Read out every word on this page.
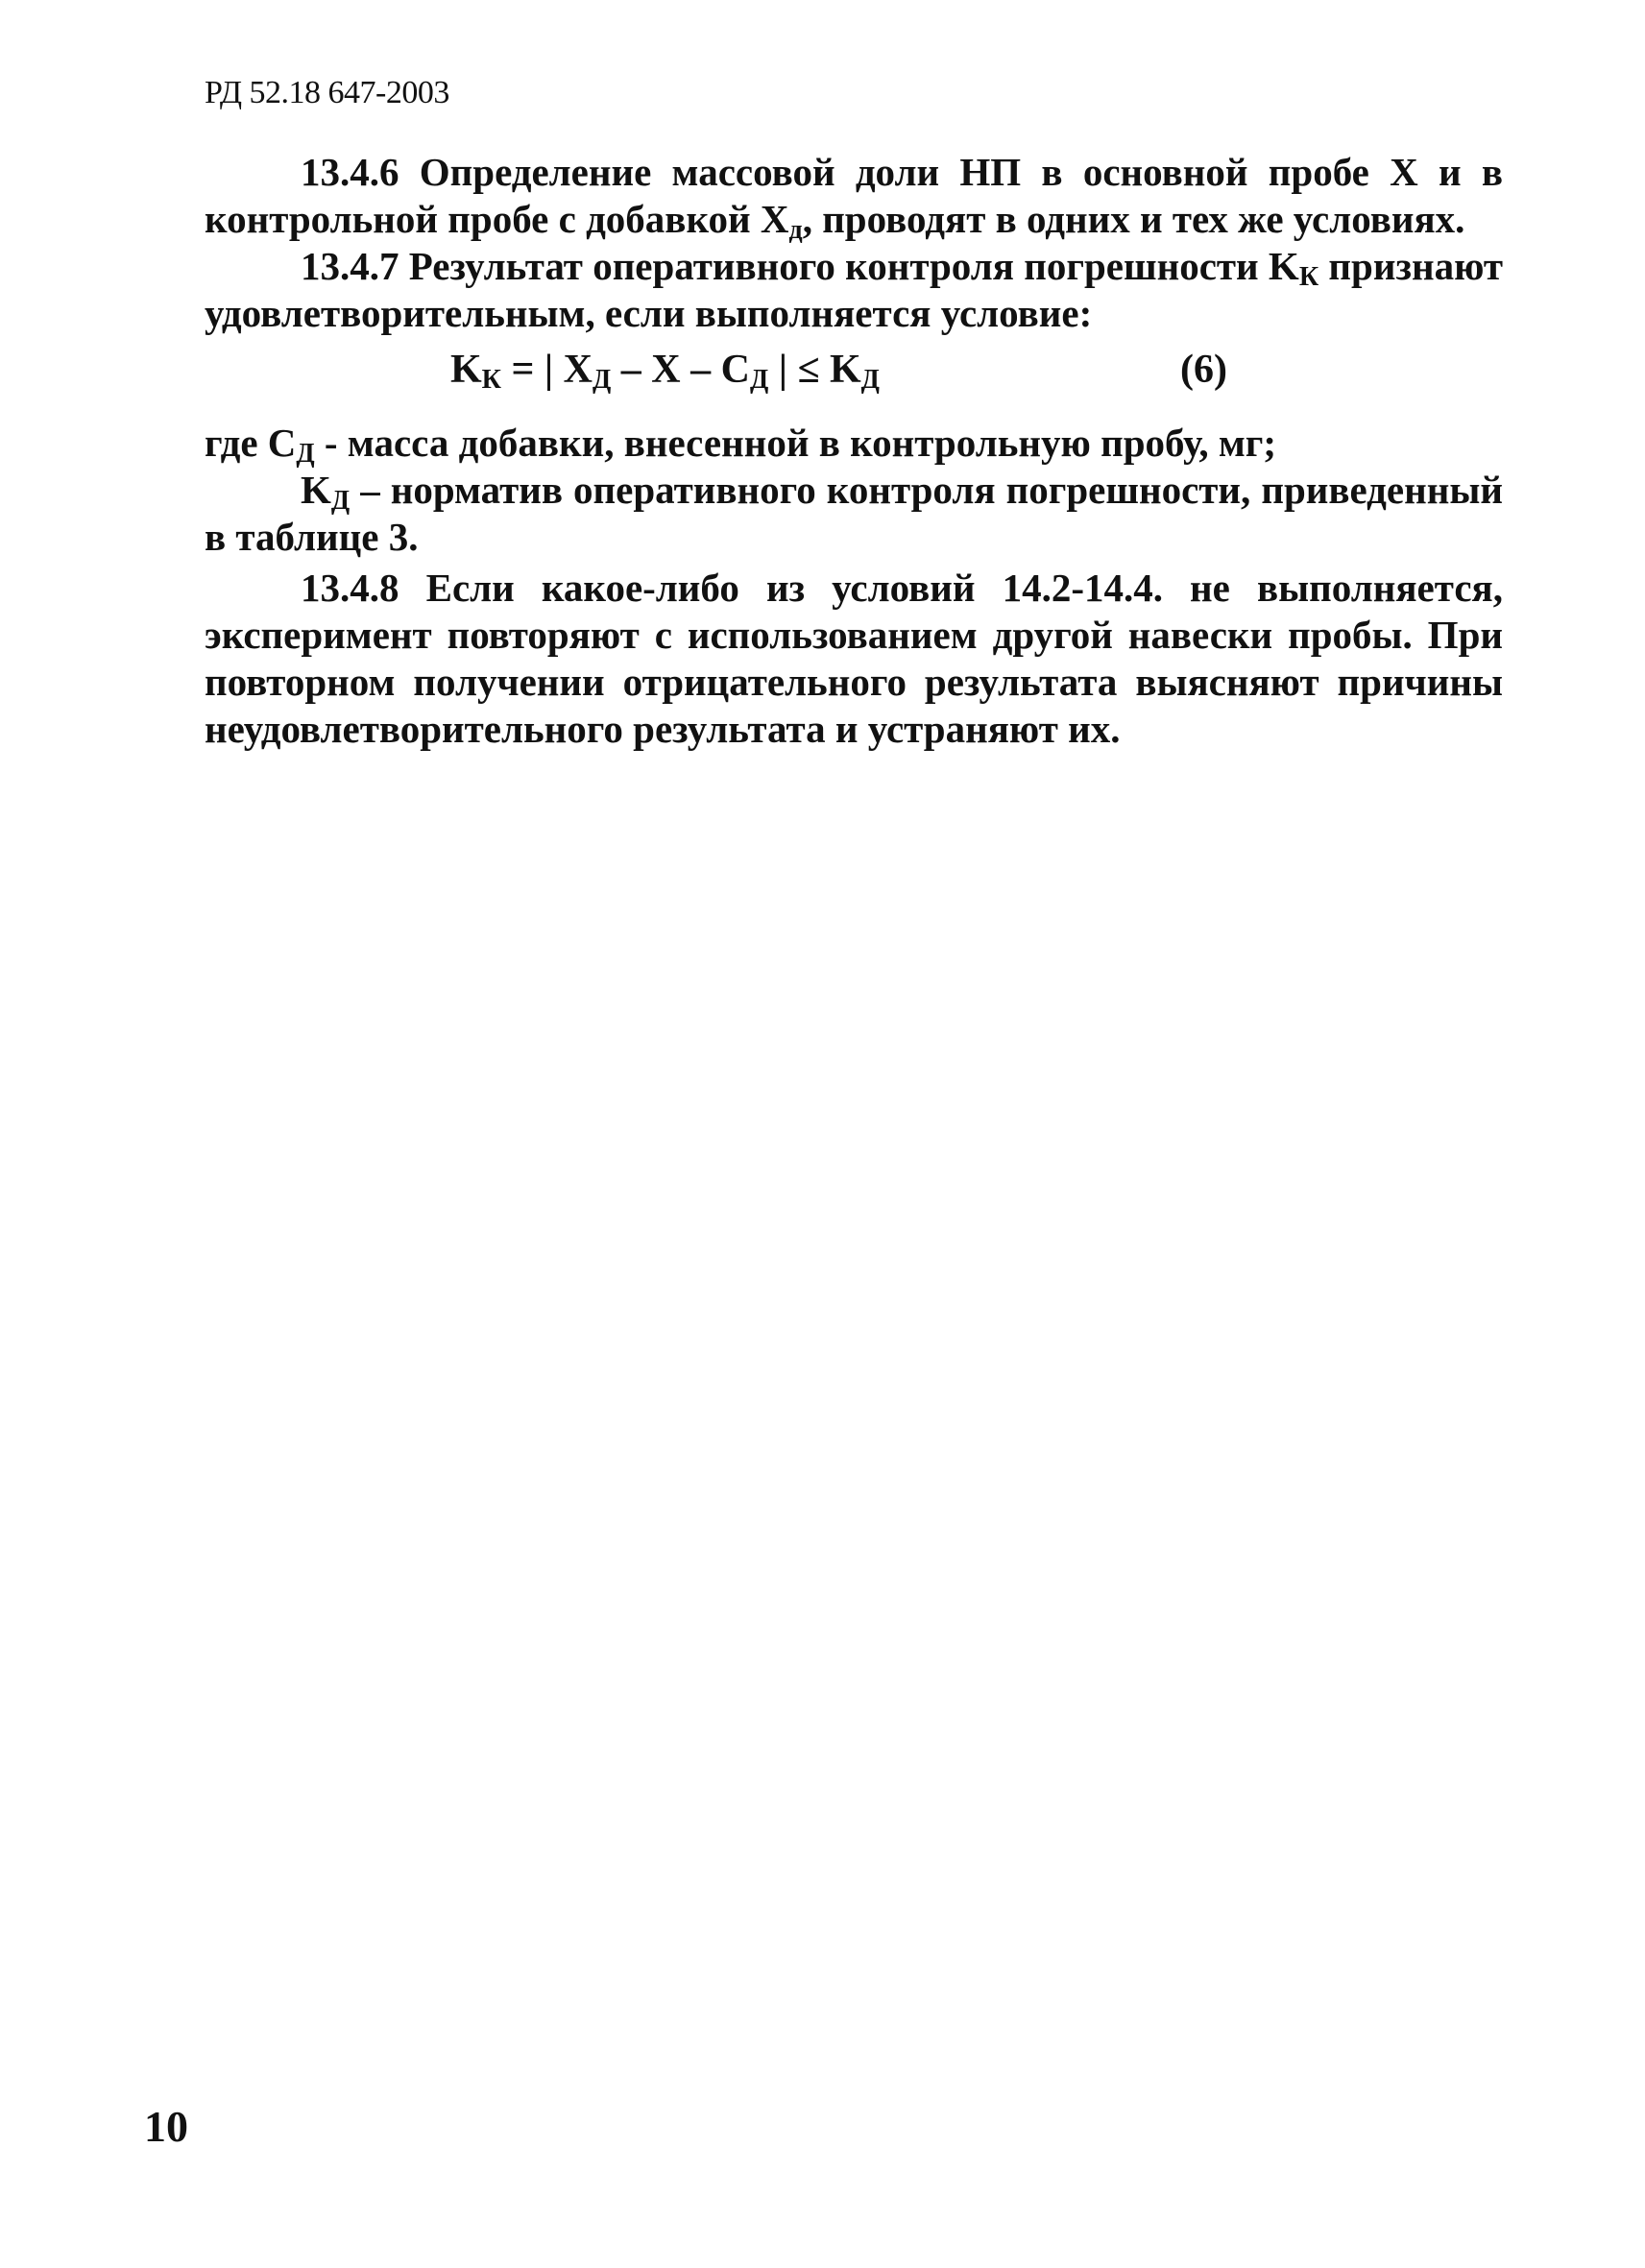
РД 52.18 647-2003

13.4.6 Определение массовой доли НП в основной пробе X и в контрольной пробе с добавкой $X_д$, проводят в одних и тех же условиях.

13.4.7 Результат оперативного контроля погрешности $K_К$ признают удовлетворительным, если выполняется условие:

$K_К$ = | $X_Д$ – X – $C_Д$ | ≤ $K_Д$	(6)

где $C_Д$ - масса добавки, внесенной в контрольную пробу, мг;

$K_Д$ – норматив оперативного контроля погрешности, приведенный в таблице 3.

13.4.8 Если какое-либо из условий 14.2-14.4. не выполняется, эксперимент повторяют с использованием другой навески пробы. При повторном получении отрицательного результата выясняют причины неудовлетворительного результата и устраняют их.

10
